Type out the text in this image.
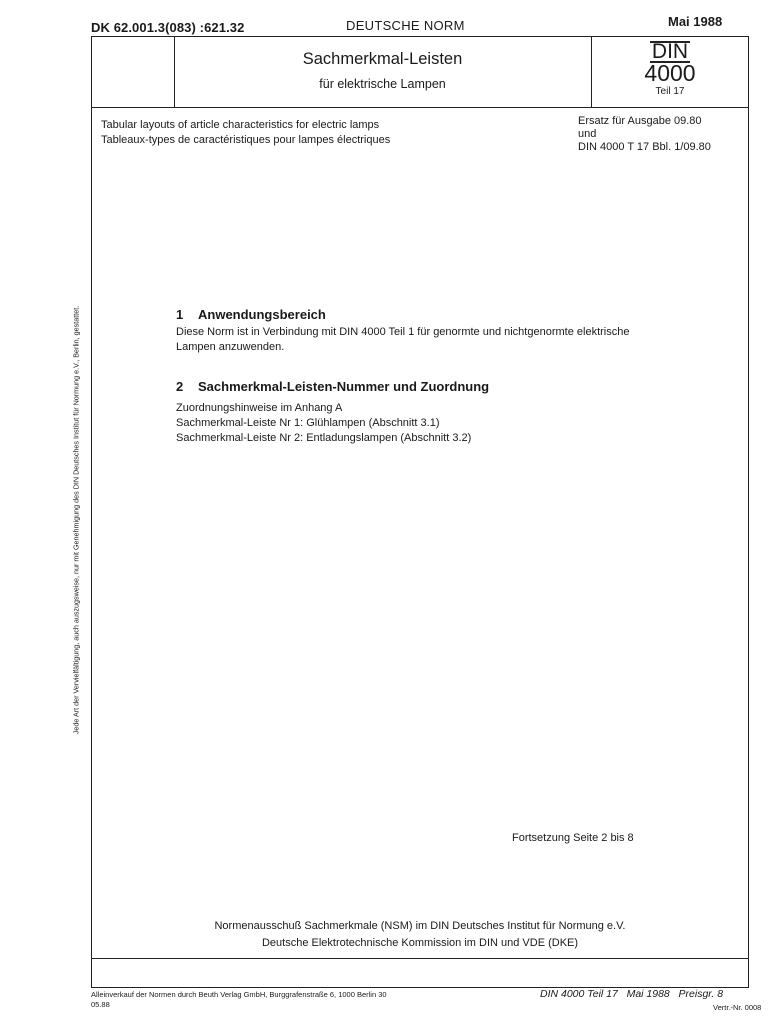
DK 62.001.3(083) :621.32	DEUTSCHE NORM	Mai 1988
Sachmerkmal-Leisten
für elektrische Lampen
DIN
4000
Teil 17
Tabular layouts of article characteristics for electric lamps
Tableaux-types de caractéristiques pour lampes électriques
Ersatz für Ausgabe 09.80
und
DIN 4000 T 17 Bbl. 1/09.80
Jede Art der Vervielfältigung, auch auszugsweise, nur mit Genehmigung des DIN Deutsches Institut für Normung e.V., Berlin, gestattet.	1 Anwendungsbereich
Diese Norm ist in Verbindung mit DIN 4000 Teil 1 für genormte und nichtgenormte elektrische
Lampen anzuwenden.
2 Sachmerkmal-Leisten-Nummer und Zuordnung
Zuordnungshinweise im Anhang A
Sachmerkmal-Leiste Nr 1: Glühlampen (Abschnitt 3.1)
Sachmerkmal-Leiste Nr 2: Entladungslampen (Abschnitt 3.2)
Fortsetzung Seite 2 bis 8
Normenausschuß Sachmerkmale (NSM) im DIN Deutsches Institut für Normung e.V.
Deutsche Elektrotechnische Kommission im DIN und VDE (DKE)
Alleinverkauf der Normen durch Beuth Verlag GmbH, Burggrafenstraße 6, 1000 Berlin 30
05.88
DIN 4000 Teil 17   Mai 1988   Preisgr. 8
Vertr.-Nr. 0008
